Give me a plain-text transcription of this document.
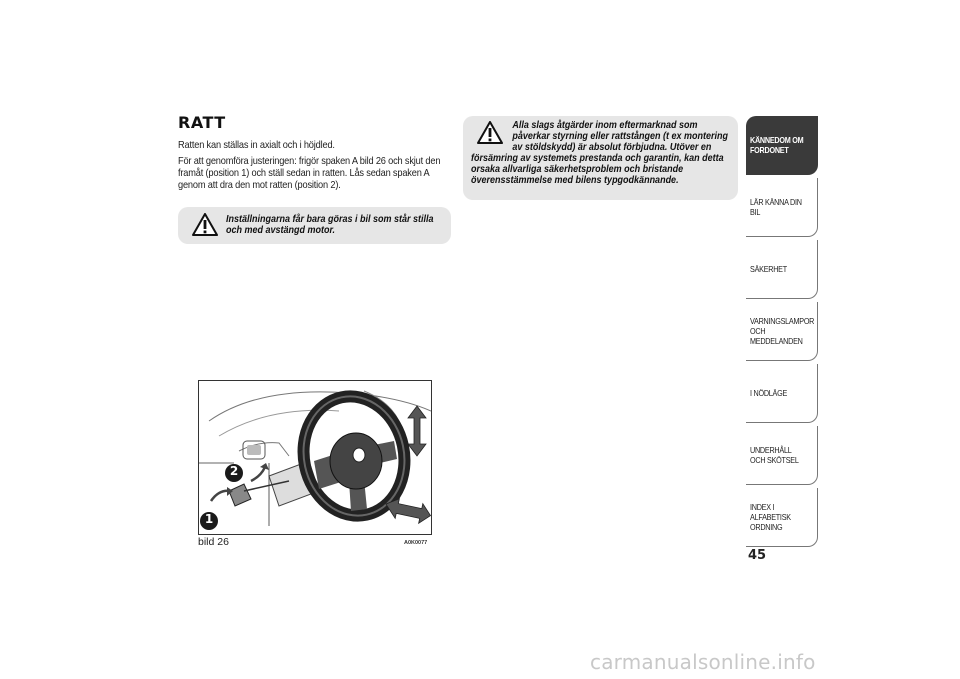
RATT
Ratten kan ställas in axialt och i höjdled.
För att genomföra justeringen: frigör spaken A bild 26 och skjut den framåt (position 1) och ställ sedan in ratten. Lås sedan spaken A genom att dra den mot ratten (position 2).
Inställningarna får bara göras i bil som står stilla och med avstängd motor.
Alla slags åtgärder inom eftermarknad som påverkar styrning eller rattstången (t ex montering av stöldskydd) är absolut förbjudna. Utöver en
försämring av systemets prestanda och garantin, kan detta orsaka allvarliga säkerhetsproblem och bristande överensstämmelse med bilens typgodkännande.
2
1
bild 26	A0K0077
KÄNNEDOM OM FORDONET
LÄR KÄNNA DIN BIL
SÄKERHET
VARNINGSLAMPOR OCH MEDDELANDEN
I NÖDLÄGE
UNDERHÅLL OCH SKÖTSEL
INDEX I ALFABETISK ORDNING
45
carmanualsonline.info
